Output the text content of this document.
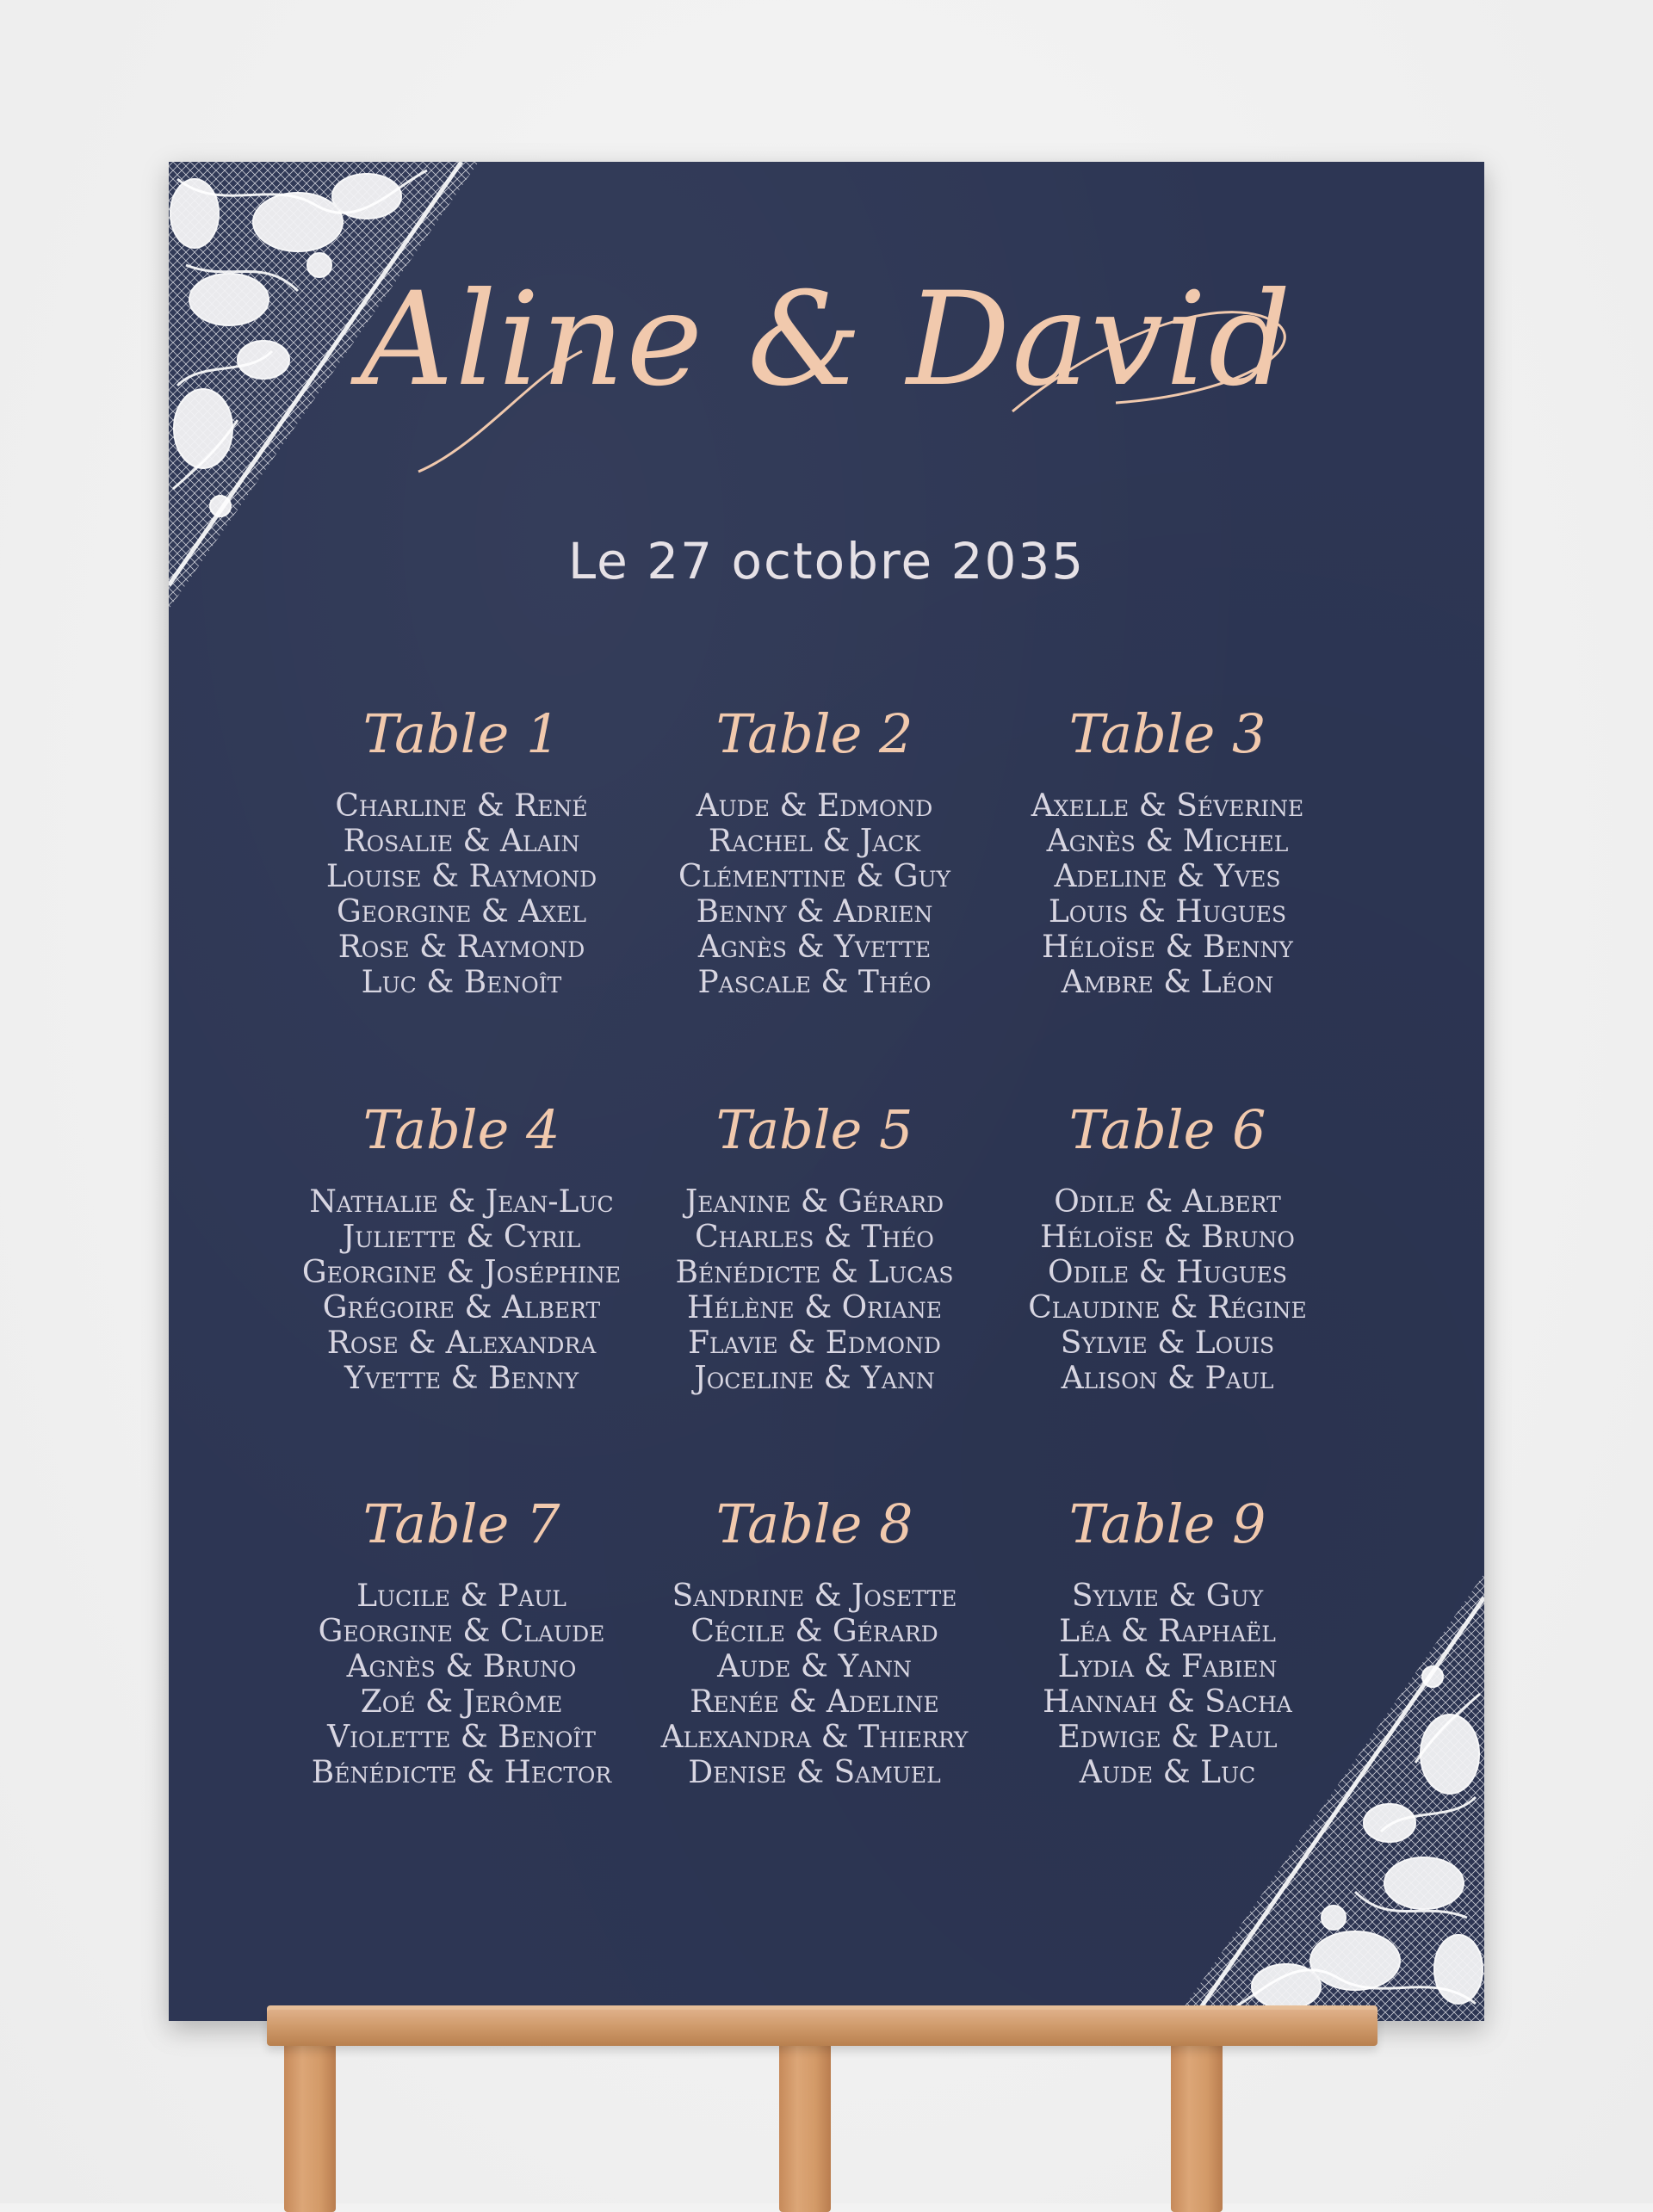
Aline & David
Le 27 octobre 2035
Table 1
Charline & René
Rosalie & Alain
Louise & Raymond
Georgine & Axel
Rose & Raymond
Luc & Benoît
Table 2
Aude & Edmond
Rachel & Jack
Clémentine & Guy
Benny & Adrien
Agnès & Yvette
Pascale & Théo
Table 3
Axelle & Séverine
Agnès & Michel
Adeline & Yves
Louis & Hugues
Héloïse & Benny
Ambre & Léon
Table 4
Nathalie & Jean-Luc
Juliette & Cyril
Georgine & Joséphine
Grégoire & Albert
Rose & Alexandra
Yvette & Benny
Table 5
Jeanine & Gérard
Charles & Théo
Bénédicte & Lucas
Hélène & Oriane
Flavie & Edmond
Joceline & Yann
Table 6
Odile & Albert
Héloïse & Bruno
Odile & Hugues
Claudine & Régine
Sylvie & Louis
Alison & Paul
Table 7
Lucile & Paul
Georgine & Claude
Agnès & Bruno
Zoé & Jerôme
Violette & Benoît
Bénédicte & Hector
Table 8
Sandrine & Josette
Cécile & Gérard
Aude & Yann
Renée & Adeline
Alexandra & Thierry
Denise & Samuel
Table 9
Sylvie & Guy
Léa & Raphaël
Lydia & Fabien
Hannah & Sacha
Edwige & Paul
Aude & Luc
